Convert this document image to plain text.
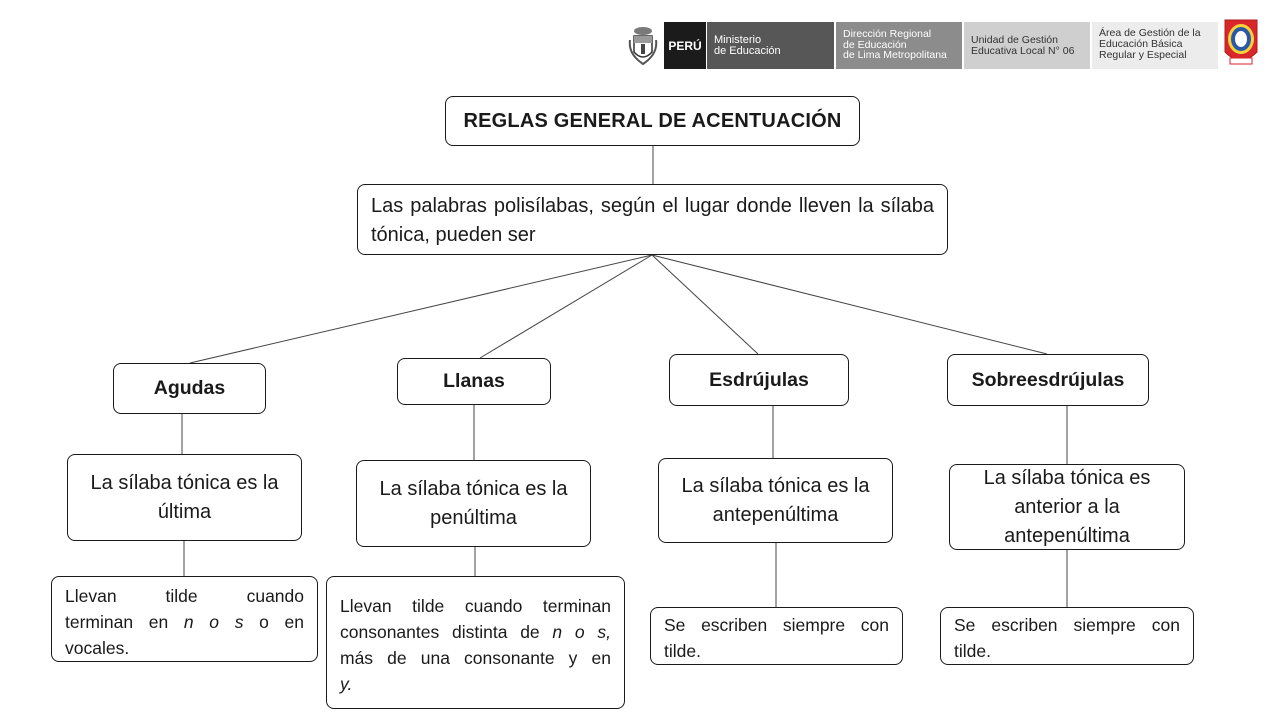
PERÚ	Ministerio
de Educación
Dirección Regional
de Educación
de Lima Metropolitana
Unidad de Gestión
Educativa Local N° 06
Área de Gestión de la
Educación Básica
Regular y Especial
REGLAS GENERAL DE ACENTUACIÓN
Las palabras polisílabas, según el lugar donde lleven la sílaba tónica, pueden ser
Agudas	Llanas	Esdrújulas	Sobreesdrújulas
La sílaba tónica es la
última
La sílaba tónica es la
penúltima
La sílaba tónica es la
antepenúltima
La sílaba tónica es
anterior a la
antepenúltima
Llevan tilde cuando
terminan en n o s o en
vocales.
Llevan tilde cuando terminan
consonantes distinta de n o s,
más de una consonante y en
y.
Se escriben siempre con
tilde.
Se escriben siempre con
tilde.
